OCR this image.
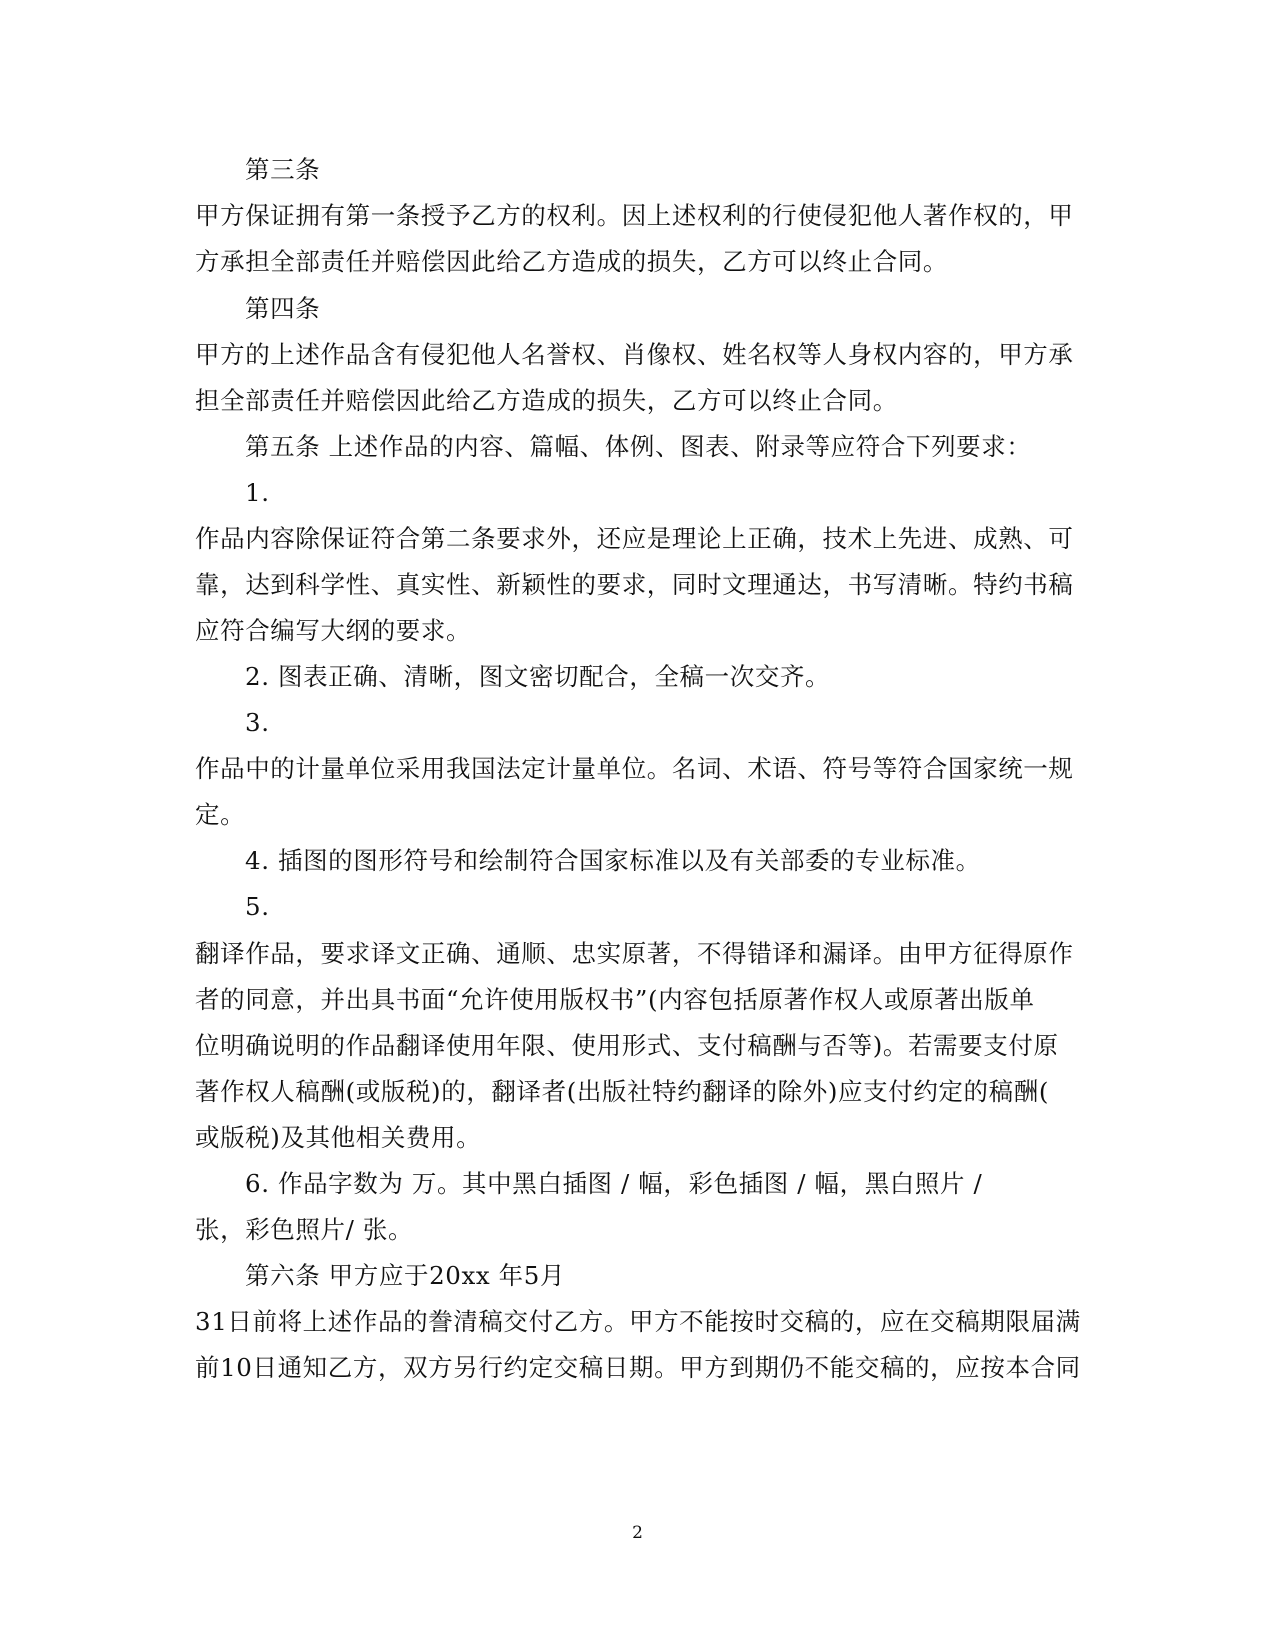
第三条
甲方保证拥有第一条授予乙方的权利。因上述权利的行使侵犯他人著作权的，甲
方承担全部责任并赔偿因此给乙方造成的损失，乙方可以终止合同。
第四条
甲方的上述作品含有侵犯他人名誉权、肖像权、姓名权等人身权内容的，甲方承
担全部责任并赔偿因此给乙方造成的损失，乙方可以终止合同。
第五条 上述作品的内容、篇幅、体例、图表、附录等应符合下列要求：
1.
作品内容除保证符合第二条要求外，还应是理论上正确，技术上先进、成熟、可
靠，达到科学性、真实性、新颖性的要求，同时文理通达，书写清晰。特约书稿
应符合编写大纲的要求。
2. 图表正确、清晰，图文密切配合，全稿一次交齐。
3.
作品中的计量单位采用我国法定计量单位。名词、术语、符号等符合国家统一规
定。
4. 插图的图形符号和绘制符合国家标准以及有关部委的专业标准。
5.
翻译作品，要求译文正确、通顺、忠实原著，不得错译和漏译。由甲方征得原作
者的同意，并出具书面“允许使用版权书”(内容包括原著作权人或原著出版单
位明确说明的作品翻译使用年限、使用形式、支付稿酬与否等)。若需要支付原
著作权人稿酬(或版税)的，翻译者(出版社特约翻译的除外)应支付约定的稿酬(
或版税)及其他相关费用。
6. 作品字数为 万。其中黑白插图 / 幅，彩色插图 / 幅，黑白照片 /
张，彩色照片/ 张。
第六条 甲方应于20xx 年5月
31日前将上述作品的誊清稿交付乙方。甲方不能按时交稿的，应在交稿期限届满
前10日通知乙方，双方另行约定交稿日期。甲方到期仍不能交稿的，应按本合同
2
